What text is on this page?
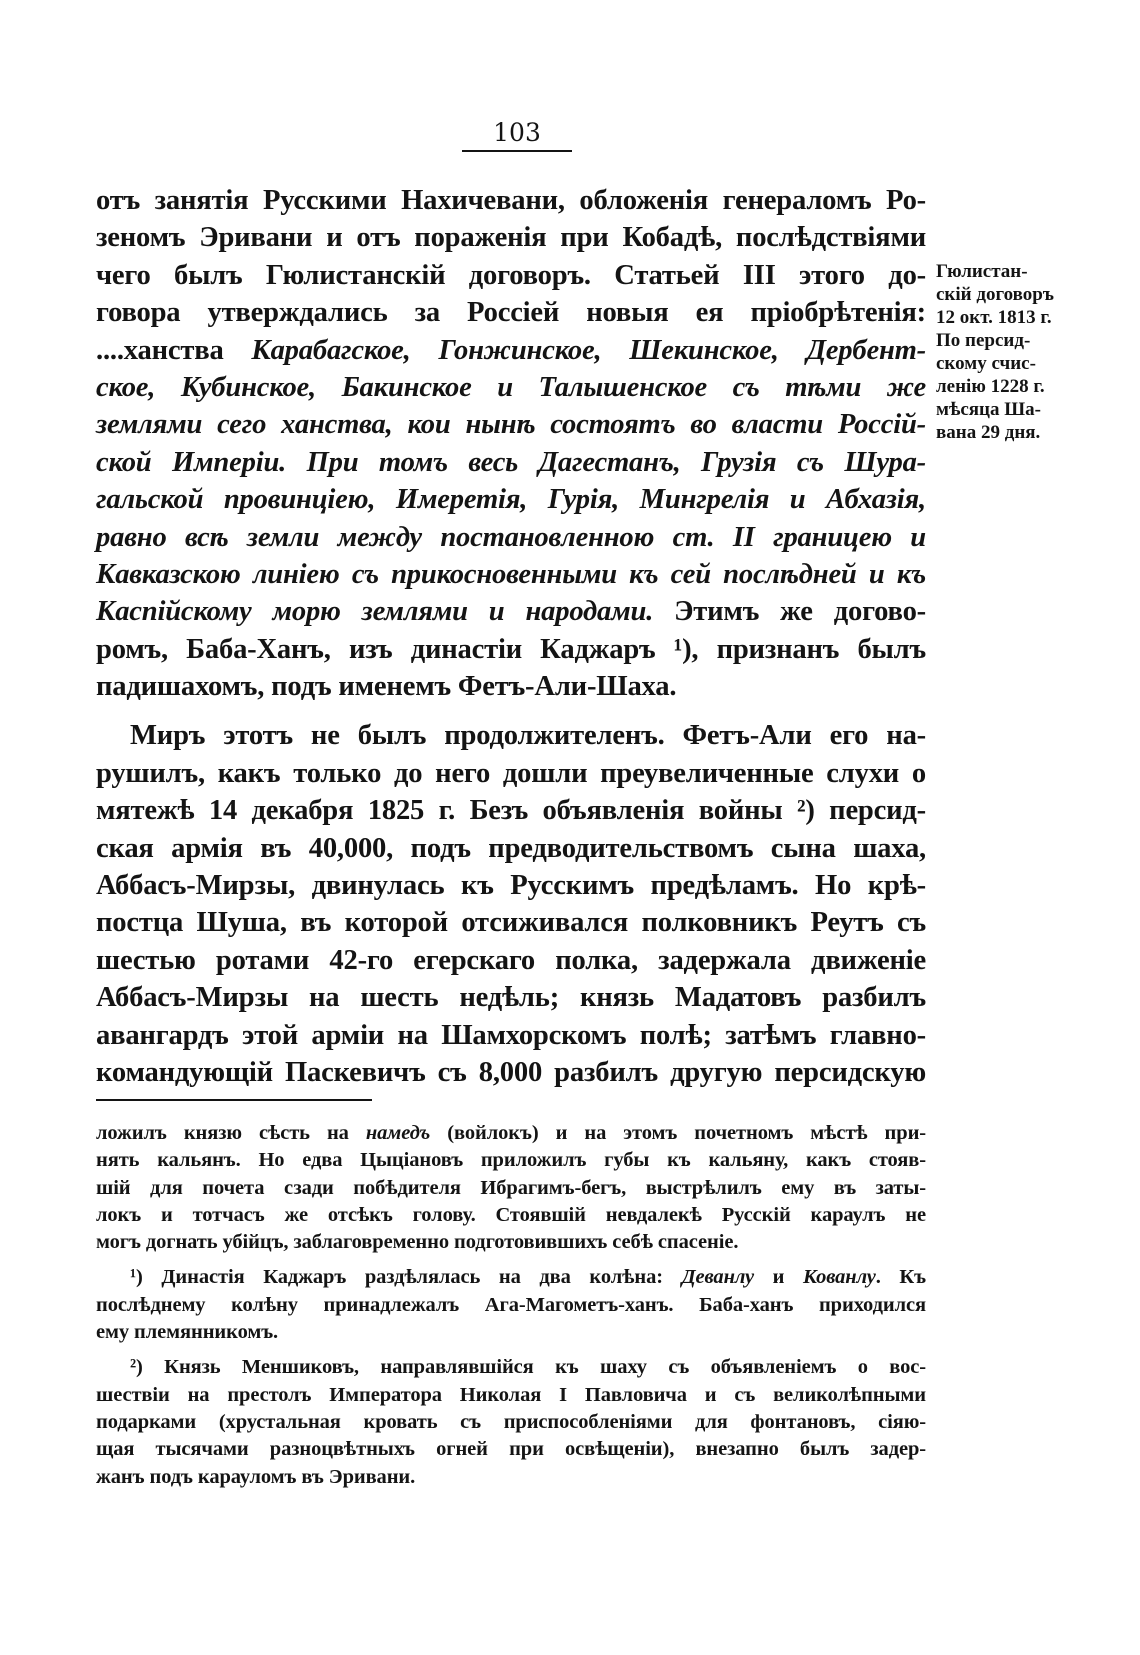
103
отъ занятія Русскими Нахичевани, обложенія генераломъ Ро-
зеномъ Эривани и отъ пораженія при Кобадѣ, послѣдствіями
чего былъ Гюлистанскій договоръ. Статьей III этого до-
говора утверждались за Россіей новыя ея пріобрѣтенія:
....ханства Карабагское, Гонжинское, Шекинское, Дербент-
ское, Кубинское, Бакинское и Талышенское съ тѣми же
землями сего ханства, кои нынѣ состоятъ во власти Россій-
ской Имперіи. При томъ весь Дагестанъ, Грузія съ Шура-
гальской провинціею, Имеретія, Гурія, Мингрелія и Абхазія,
равно всѣ земли между постановленною ст. II границею и
Кавказскою линіею съ прикосновенными къ сей послѣдней и къ
Каспійскому морю землями и народами. Этимъ же догово-
ромъ, Баба-Ханъ, изъ династіи Каджаръ ¹), признанъ былъ
падишахомъ, подъ именемъ Фетъ-Али-Шаха.
Миръ этотъ не былъ продолжителенъ. Фетъ-Али его на-
рушилъ, какъ только до него дошли преувеличенные слухи о
мятежѣ 14 декабря 1825 г. Безъ объявленія войны ²) персид-
ская армія въ 40,000, подъ предводительствомъ сына шаха,
Аббасъ-Мирзы, двинулась къ Русскимъ предѣламъ. Но крѣ-
постца Шуша, въ которой отсиживался полковникъ Реутъ съ
шестью ротами 42-го егерскаго полка, задержала движеніе
Аббасъ-Мирзы на шесть недѣль; князь Мадатовъ разбилъ
авангардъ этой арміи на Шамхорскомъ полѣ; затѣмъ главно-
командующій Паскевичъ съ 8,000 разбилъ другую персидскую
Гюлистан-
скій договоръ
12 окт. 1813 г.
По персид-
скому счис-
ленію 1228 г.
мѣсяца Ша-
вана 29 дня.
ложилъ князю сѣсть на намедъ (войлокъ) и на этомъ почетномъ мѣстѣ при-
нять кальянъ. Но едва Цыціановъ приложилъ губы къ кальяну, какъ стояв-
шій для почета сзади побѣдителя Ибрагимъ-бегъ, выстрѣлилъ ему въ заты-
локъ и тотчасъ же отсѣкъ голову. Стоявшій невдалекѣ Русскій караулъ не
могъ догнать убійцъ, заблаговременно подготовившихъ себѣ спасеніе.
¹) Династія Каджаръ раздѣлялась на два колѣна: Деванлу и Кованлу. Къ
послѣднему колѣну принадлежалъ Ага-Магометъ-ханъ. Баба-ханъ приходился
ему племянникомъ.
²) Князь Меншиковъ, направлявшійся къ шаху съ объявленіемъ о вос-
шествіи на престолъ Императора Николая I Павловича и съ великолѣпными
подарками (хрустальная кровать съ приспособленіями для фонтановъ, сіяю-
щая тысячами разноцвѣтныхъ огней при освѣщеніи), внезапно былъ задер-
жанъ подъ карауломъ въ Эривани.
